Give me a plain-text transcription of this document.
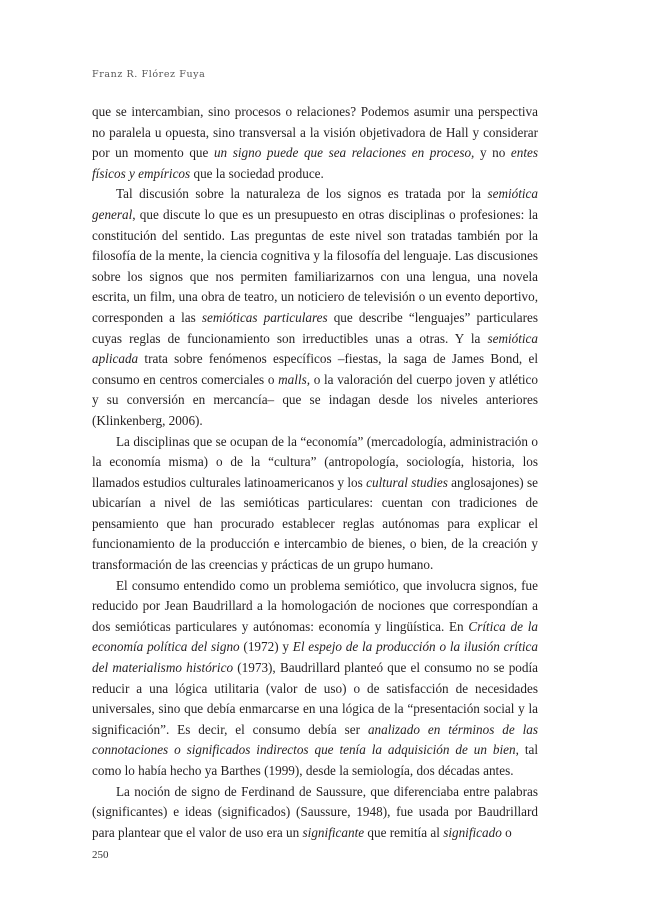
Franz R. Flórez Fuya

que se intercambian, sino procesos o relaciones? Podemos asumir una perspectiva no paralela u opuesta, sino transversal a la visión objetivadora de Hall y considerar por un momento que un signo puede que sea relaciones en proceso, y no entes físicos y empíricos que la sociedad produce.

Tal discusión sobre la naturaleza de los signos es tratada por la semiótica general, que discute lo que es un presupuesto en otras disciplinas o profesiones: la constitución del sentido. Las preguntas de este nivel son tratadas también por la filosofía de la mente, la ciencia cognitiva y la filosofía del lenguaje. Las discusiones sobre los signos que nos permiten familiarizarnos con una lengua, una novela escrita, un film, una obra de teatro, un noticiero de televisión o un evento deportivo, corresponden a las semióticas particulares que describe “lenguajes” particulares cuyas reglas de funcionamiento son irreductibles unas a otras. Y la semiótica aplicada trata sobre fenómenos específicos –fiestas, la saga de James Bond, el consumo en centros comerciales o malls, o la valoración del cuerpo joven y atlético y su conversión en mercancía– que se indagan desde los niveles anteriores (Klinkenberg, 2006).

La disciplinas que se ocupan de la “economía” (mercadología, administración o la economía misma) o de la “cultura” (antropología, sociología, historia, los llamados estudios culturales latinoamericanos y los cultural studies anglosajones) se ubicarían a nivel de las semióticas particulares: cuentan con tradiciones de pensamiento que han procurado establecer reglas autónomas para explicar el funcionamiento de la producción e intercambio de bienes, o bien, de la creación y transformación de las creencias y prácticas de un grupo humano.

El consumo entendido como un problema semiótico, que involucra signos, fue reducido por Jean Baudrillard a la homologación de nociones que correspondían a dos semióticas particulares y autónomas: economía y lingüística. En Crítica de la economía política del signo (1972) y El espejo de la producción o la ilusión crítica del materialismo histórico (1973), Baudrillard planteó que el consumo no se podía reducir a una lógica utilitaria (valor de uso) o de satisfacción de necesidades universales, sino que debía enmarcarse en una lógica de la “presentación social y la significación”. Es decir, el consumo debía ser analizado en términos de las connotaciones o significados indirectos que tenía la adquisición de un bien, tal como lo había hecho ya Barthes (1999), desde la semiología, dos décadas antes.

La noción de signo de Ferdinand de Saussure, que diferenciaba entre palabras (significantes) e ideas (significados) (Saussure, 1948), fue usada por Baudrillard para plantear que el valor de uso era un significante que remitía al significado o

250
